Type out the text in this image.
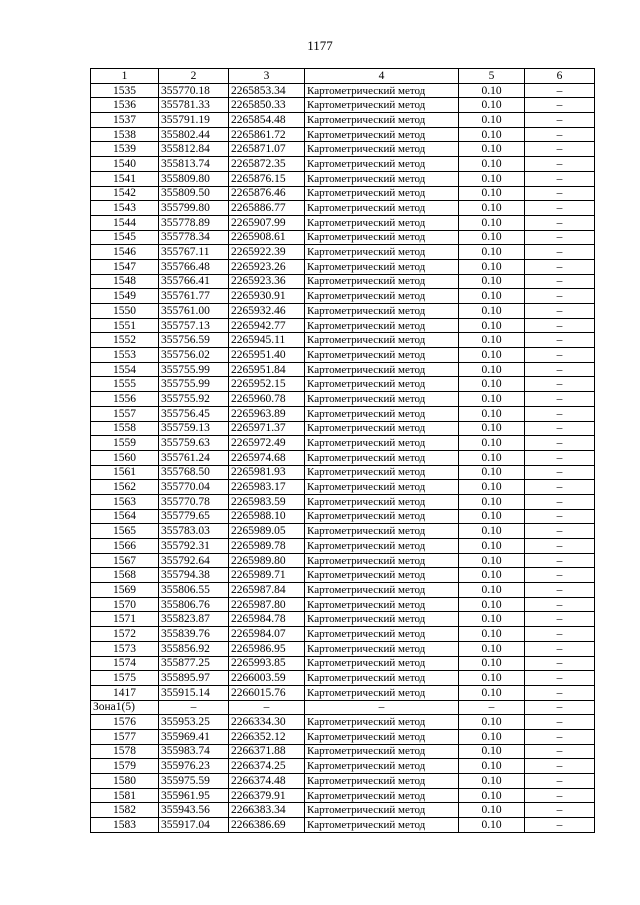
1177
1	2	3	4	5	6
1535	355770.18	2265853.34	Картометрический метод	0.10	–
1536	355781.33	2265850.33	Картометрический метод	0.10	–
1537	355791.19	2265854.48	Картометрический метод	0.10	–
1538	355802.44	2265861.72	Картометрический метод	0.10	–
1539	355812.84	2265871.07	Картометрический метод	0.10	–
1540	355813.74	2265872.35	Картометрический метод	0.10	–
1541	355809.80	2265876.15	Картометрический метод	0.10	–
1542	355809.50	2265876.46	Картометрический метод	0.10	–
1543	355799.80	2265886.77	Картометрический метод	0.10	–
1544	355778.89	2265907.99	Картометрический метод	0.10	–
1545	355778.34	2265908.61	Картометрический метод	0.10	–
1546	355767.11	2265922.39	Картометрический метод	0.10	–
1547	355766.48	2265923.26	Картометрический метод	0.10	–
1548	355766.41	2265923.36	Картометрический метод	0.10	–
1549	355761.77	2265930.91	Картометрический метод	0.10	–
1550	355761.00	2265932.46	Картометрический метод	0.10	–
1551	355757.13	2265942.77	Картометрический метод	0.10	–
1552	355756.59	2265945.11	Картометрический метод	0.10	–
1553	355756.02	2265951.40	Картометрический метод	0.10	–
1554	355755.99	2265951.84	Картометрический метод	0.10	–
1555	355755.99	2265952.15	Картометрический метод	0.10	–
1556	355755.92	2265960.78	Картометрический метод	0.10	–
1557	355756.45	2265963.89	Картометрический метод	0.10	–
1558	355759.13	2265971.37	Картометрический метод	0.10	–
1559	355759.63	2265972.49	Картометрический метод	0.10	–
1560	355761.24	2265974.68	Картометрический метод	0.10	–
1561	355768.50	2265981.93	Картометрический метод	0.10	–
1562	355770.04	2265983.17	Картометрический метод	0.10	–
1563	355770.78	2265983.59	Картометрический метод	0.10	–
1564	355779.65	2265988.10	Картометрический метод	0.10	–
1565	355783.03	2265989.05	Картометрический метод	0.10	–
1566	355792.31	2265989.78	Картометрический метод	0.10	–
1567	355792.64	2265989.80	Картометрический метод	0.10	–
1568	355794.38	2265989.71	Картометрический метод	0.10	–
1569	355806.55	2265987.84	Картометрический метод	0.10	–
1570	355806.76	2265987.80	Картометрический метод	0.10	–
1571	355823.87	2265984.78	Картометрический метод	0.10	–
1572	355839.76	2265984.07	Картометрический метод	0.10	–
1573	355856.92	2265986.95	Картометрический метод	0.10	–
1574	355877.25	2265993.85	Картометрический метод	0.10	–
1575	355895.97	2266003.59	Картометрический метод	0.10	–
1417	355915.14	2266015.76	Картометрический метод	0.10	–
Зона1(5)	–	–	–	–	–
1576	355953.25	2266334.30	Картометрический метод	0.10	–
1577	355969.41	2266352.12	Картометрический метод	0.10	–
1578	355983.74	2266371.88	Картометрический метод	0.10	–
1579	355976.23	2266374.25	Картометрический метод	0.10	–
1580	355975.59	2266374.48	Картометрический метод	0.10	–
1581	355961.95	2266379.91	Картометрический метод	0.10	–
1582	355943.56	2266383.34	Картометрический метод	0.10	–
1583	355917.04	2266386.69	Картометрический метод	0.10	–
